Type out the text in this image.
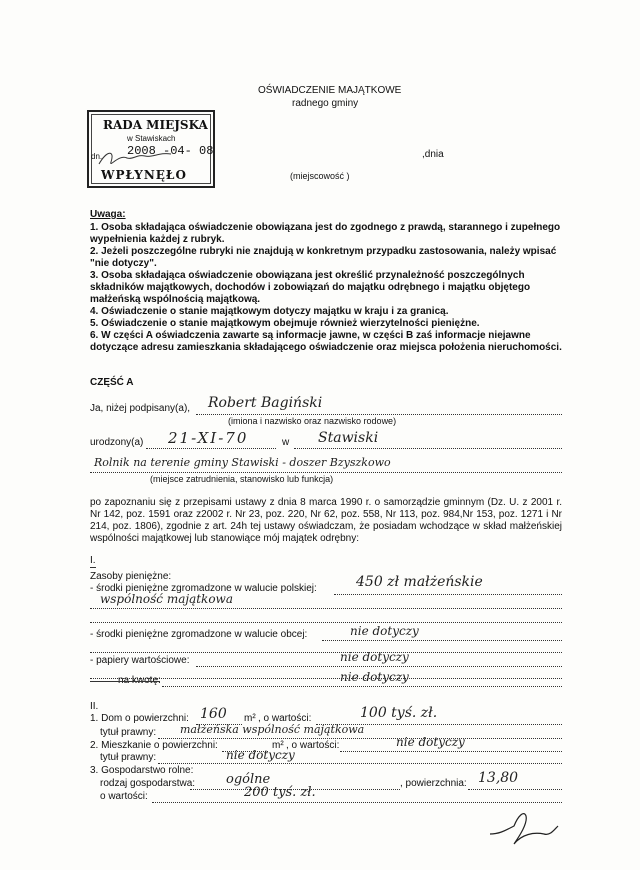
OŚWIADCZENIE MAJĄTKOWE
radnego gminy
RADA MIEJSKA
w Stawiskach
dn. 2008 -04- 08
WPŁYNĘŁO
,dnia
(miejscowość )
Uwaga:
1. Osoba składająca oświadczenie obowiązana jest do zgodnego z prawdą, starannego i zupełnego wypełnienia każdej z rubryk.
2. Jeżeli poszczególne rubryki nie znajdują w konkretnym przypadku zastosowania, należy wpisać "nie dotyczy".
3. Osoba składająca oświadczenie obowiązana jest określić przynależność poszczególnych składników majątkowych, dochodów i zobowiązań do majątku odrębnego i majątku objętego małżeńską wspólnością majątkową.
4. Oświadczenie o stanie majątkowym dotyczy majątku w kraju i za granicą.
5. Oświadczenie o stanie majątkowym obejmuje również wierzytelności pieniężne.
6. W części A oświadczenia zawarte są informacje jawne, w części B zaś informacje niejawne dotyczące adresu zamieszkania składającego oświadczenie oraz miejsca położenia nieruchomości.
CZĘŚĆ A
Ja, niżej podpisany(a), Robert Bagiński
(imiona i nazwisko oraz nazwisko rodowe)
urodzony(a) 21-XI-70	w Stawiski
Rolnik na terenie gminy Stawiski - doszer Bzyszkowo
(miejsce zatrudnienia, stanowisko lub funkcja)
po zapoznaniu się z przepisami ustawy z dnia 8 marca 1990 r. o samorządzie gminnym (Dz. U. z 2001 r. Nr 142, poz. 1591 oraz z2002 r. Nr 23, poz. 220, Nr 62, poz. 558, Nr 113, poz. 984,Nr 153, poz. 1271 i Nr 214, poz. 1806), zgodnie z art. 24h tej ustawy oświadczam, że posiadam wchodzące w skład małżeńskiej wspólności majątkowej lub stanowiące mój majątek odrębny:
I.
Zasoby pieniężne:
- środki pieniężne zgromadzone w walucie polskiej:	450 zł małżeńskie
wspólność majątkowa
- środki pieniężne zgromadzone w walucie obcej:	nie dotyczy
- papiery wartościowe:	nie dotyczy
na kwotę:	nie dotyczy
II.
1. Dom o powierzchni: 160 m² , o wartości:	100 tyś. zł.
tytuł prawny: małżeńska wspólność majątkowa
2. Mieszkanie o powierzchni:	m² , o wartości:	nie dotyczy
tytuł prawny:	nie dotyczy
3. Gospodarstwo rolne:
rodzaj gospodarstwa: ogólne	, powierzchnia: 13,80
o wartości:	200 tyś. zł.
